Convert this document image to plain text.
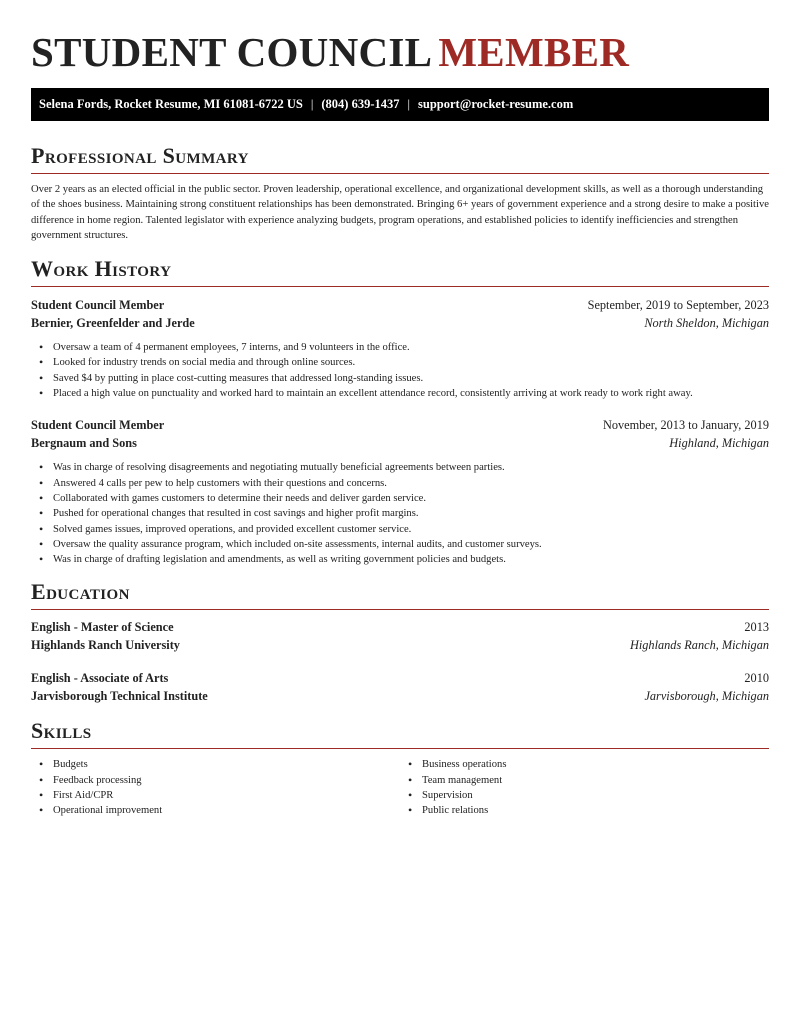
STUDENT COUNCIL MEMBER
Selena Fords, Rocket Resume, MI 61081-6722 US | (804) 639-1437 | support@rocket-resume.com
Professional Summary

Over 2 years as an elected official in the public sector. Proven leadership, operational excellence, and organizational development skills, as well as a thorough understanding of the shoes business. Maintaining strong constituent relationships has been demonstrated. Bringing 6+ years of government experience and a strong desire to make a positive difference in home region. Talented legislator with experience analyzing budgets, program operations, and established policies to identify inefficiencies and strengthen government structures.

Work History
Student Council Member	September, 2019 to September, 2023
Bernier, Greenfelder and Jerde	North Sheldon, Michigan
• Oversaw a team of 4 permanent employees, 7 interns, and 9 volunteers in the office.
• Looked for industry trends on social media and through online sources.
• Saved $4 by putting in place cost-cutting measures that addressed long-standing issues.
• Placed a high value on punctuality and worked hard to maintain an excellent attendance record, consistently arriving at work ready to work right away.
Student Council Member	November, 2013 to January, 2019
Bergnaum and Sons	Highland, Michigan
• Was in charge of resolving disagreements and negotiating mutually beneficial agreements between parties.
• Answered 4 calls per pew to help customers with their questions and concerns.
• Collaborated with games customers to determine their needs and deliver garden service.
• Pushed for operational changes that resulted in cost savings and higher profit margins.
• Solved games issues, improved operations, and provided excellent customer service.
• Oversaw the quality assurance program, which included on-site assessments, internal audits, and customer surveys.
• Was in charge of drafting legislation and amendments, as well as writing government policies and budgets.
Education
English - Master of Science	2013
Highlands Ranch University	Highlands Ranch, Michigan
English - Associate of Arts	2010
Jarvisborough Technical Institute	Jarvisborough, Michigan
Skills
• Budgets
• Feedback processing
• First Aid/CPR
• Operational improvement
• Business operations
• Team management
• Supervision
• Public relations
